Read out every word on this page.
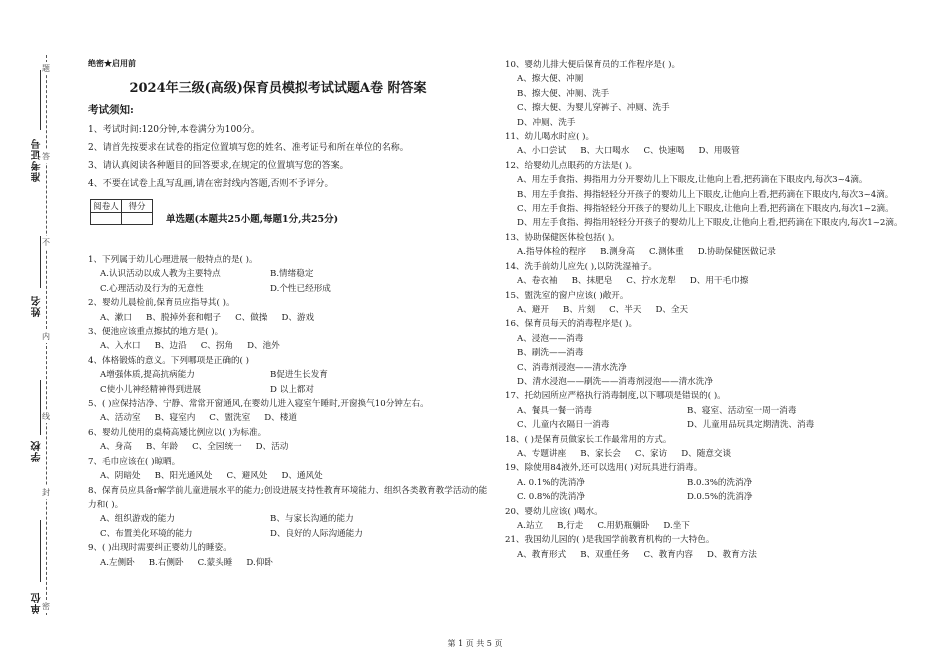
题
答
不
内
线
封
密
准考证号
姓名
学校
单位

绝密★启用前

2024年三级(高级)保育员模拟考试试题A卷 附答案

考试须知:

1、考试时间:120分钟,本卷满分为100分。

2、请首先按要求在试卷的指定位置填写您的姓名、准考证号和所在单位的名称。

3、请认真阅读各种题目的回答要求,在规定的位置填写您的答案。

4、不要在试卷上乱写乱画,请在密封线内答题,否则不予评分。

阅卷人	得分

单选题(本题共25小题,每题1分,共25分)
1、下列属于幼儿心理进展一般特点的是( )。
A.认识活动以成人教为主要特点	B.情绪稳定
C.心理活动及行为的无意性	D.个性已经形成
2、婴幼儿晨检前,保育员应指导其( )。
A、漱口 B、脱掉外套和帽子 C、做操 D、游戏
3、便池应该重点擦拭的地方是( )。
A、入水口 B、边沿 C、拐角 D、池外
4、体格锻炼的意义。下列哪项是正确的( )
A增强体质,提高抗病能力	B促进生长发育
C使小儿神经精神得到进展	D 以上都对
5、( )应保持洁净、宁静、常常开窗通风,在婴幼儿进入寝室午睡时,开窗换气10分钟左右。
A、活动室 B、寝室内 C、盥洗室 D、楼道
6、婴幼儿使用的桌椅高矮比例应以( )为标准。
A、身高 B、年龄 C、全园统一 D、活动
7、毛巾应该在( )晾晒。
A、阴暗处 B、阳光通风处 C、避风处 D、通风处
8、保育员应具备r解学前儿童进展水平的能力;创设进展支持性教育环境能力、组织各类教育教学活动的能力和( )。
A、组织游戏的能力	B、与家长沟通的能力
C、布置美化环境的能力	D、良好的人际沟通能力
9、( )出现时需要纠正婴幼儿的睡姿。
A.左侧卧 B.右侧卧 C.蒙头睡 D.仰卧
10、婴幼儿排大便后保育员的工作程序是( )。
A、擦大便、冲厕
B、擦大便、冲厕、洗手
C、擦大便、为婴儿穿裤子、冲厕、洗手
D、冲厕、洗手
11、幼儿喝水时应( )。
A、小口尝试 B、大口喝水 C、快速喝 D、用吸管
12、给婴幼儿点眼药的方法是( )。
A、用左手食指、拇指用力分开婴幼儿上下眼皮,让他向上看,把药滴在下眼皮内,每次3~4滴。
B、用左手食指、拇指轻轻分开孩子的婴幼儿上下眼皮,让他向上看,把药滴在下眼皮内,每次3~4滴。
C、用左手食指、拇指轻轻分开孩子的婴幼儿上下眼皮,让他向上看,把药滴在下眼皮内,每次1~2滴。
D、用左手食指、拇指用轻轻分开孩子的婴幼儿上下眼皮,让他向上看,把药滴在下眼皮内,每次1~2滴。
13、协助保健医体检包括( )。
A.指导体检的程序 B.测身高 C.测体重 D.协助保健医做记录
14、洗手前幼儿应先( ),以防洗湿袖子。
A、卷衣袖 B、抹肥皂 C、拧水龙犁 D、用干毛巾擦
15、盥洗室的窗户应该( )敞开。
A、避开 B、片刻 C、半天 D、全天
16、保育员每天的消毒程序是( )。
A、浸泡——消毒
B、刷洗——消毒
C、消毒剂浸泡——清水洗净
D、清水浸泡——刷洗——消毒剂浸泡——清水洗净
17、托幼园所应严格执行消毒制度,以下哪项是错误的( )。
A、餐具一餐一消毒	B、寝室、活动室一周一消毒
C、儿童内衣隔日一消毒	D、儿童用品玩具定期清洗、消毒
18、( )是保育员做家长工作最常用的方式。
A、专题讲座 B、家长会 C、家访 D、随意交谈
19、除使用84液外,还可以选用( )对玩具进行消毒。
A. 0.1%的洗消净	B.0.3%的洗消净
C. 0.8%的洗消净	D.0.5%的洗消净
20、婴幼儿应该( )喝水。
A.站立 B,行走 C.用奶瓶躺卧 D.坐下
21、我国幼儿园的( )是我国学前教育机构的一大特色。
A、教育形式 B、双重任务 C、教育内容 D、教育方法
第 1 页 共 5 页
